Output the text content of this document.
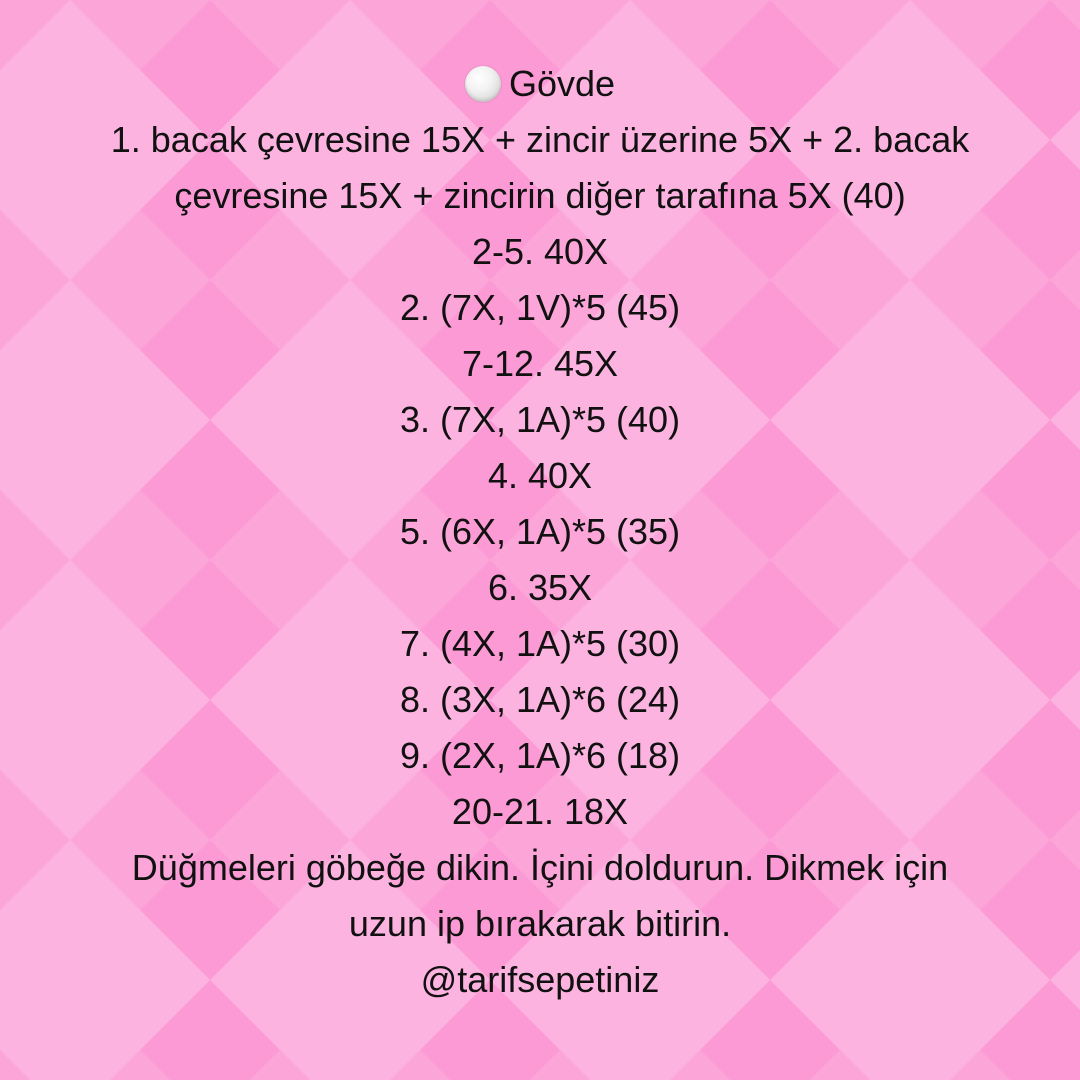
Gövde
1. bacak çevresine 15X + zincir üzerine 5X + 2. bacak çevresine 15X + zincirin diğer tarafına 5X (40)
2-5. 40X
2. (7X, 1V)*5 (45)
7-12. 45X
3. (7X, 1A)*5 (40)
4. 40X
5. (6X, 1A)*5 (35)
6. 35X
7. (4X, 1A)*5 (30)
8. (3X, 1A)*6 (24)
9. (2X, 1A)*6 (18)
20-21. 18X
Düğmeleri göbeğe dikin. İçini doldurun. Dikmek için uzun ip bırakarak bitirin.
@tarifsepetiniz
